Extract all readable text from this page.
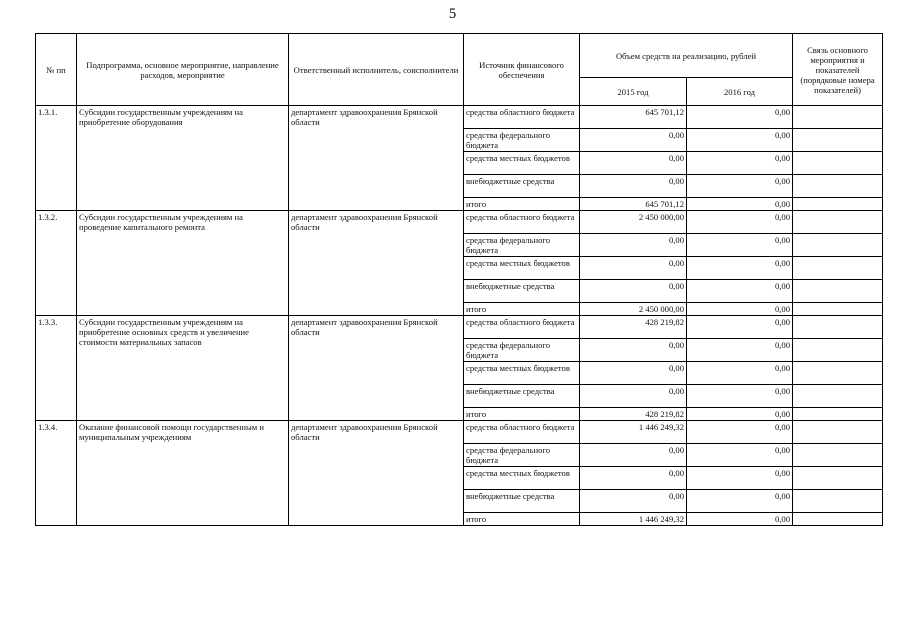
5
№ пп	Подпрограмма, основное мероприятие, направление расходов, мероприятие	Ответственный исполнитель, соисполнители	Источник финансового обеспечения	Объем средств на реализацию, рублей		Связь основного мероприятия и показателей (порядковые номера показателей)
				2015 год	2016 год	
1.3.1.	Субсидии государственным учреждениям на приобретение оборудования	департамент здравоохранения Брянской области	средства областного бюджета	645 701,12	0,00	
			средства федерального бюджета	0,00	0,00	
			средства местных бюджетов	0,00	0,00	
			внебюджетные средства	0,00	0,00	
			итого	645 701,12	0,00	
1.3.2.	Субсидии государственным учреждениям на проведение капитального ремонта	департамент здравоохранения Брянской области	средства областного бюджета	2 450 000,00	0,00	
			средства федерального бюджета	0,00	0,00	
			средства местных бюджетов	0,00	0,00	
			внебюджетные средства	0,00	0,00	
			итого	2 450 000,00	0,00	
1.3.3.	Субсидии государственным учреждениям на приобретение основных средств и увеличение стоимости материальных запасов	департамент здравоохранения Брянской области	средства областного бюджета	428 219,82	0,00	
			средства федерального бюджета	0,00	0,00	
			средства местных бюджетов	0,00	0,00	
			внебюджетные средства	0,00	0,00	
			итого	428 219,82	0,00	
1.3.4.	Оказание финансовой помощи государственным и муниципальным учреждениям	департамент здравоохранения Брянской области	средства областного бюджета	1 446 249,32	0,00	
			средства федерального бюджета	0,00	0,00	
			средства местных бюджетов	0,00	0,00	
			внебюджетные средства	0,00	0,00	
			итого	1 446 249,32	0,00	
